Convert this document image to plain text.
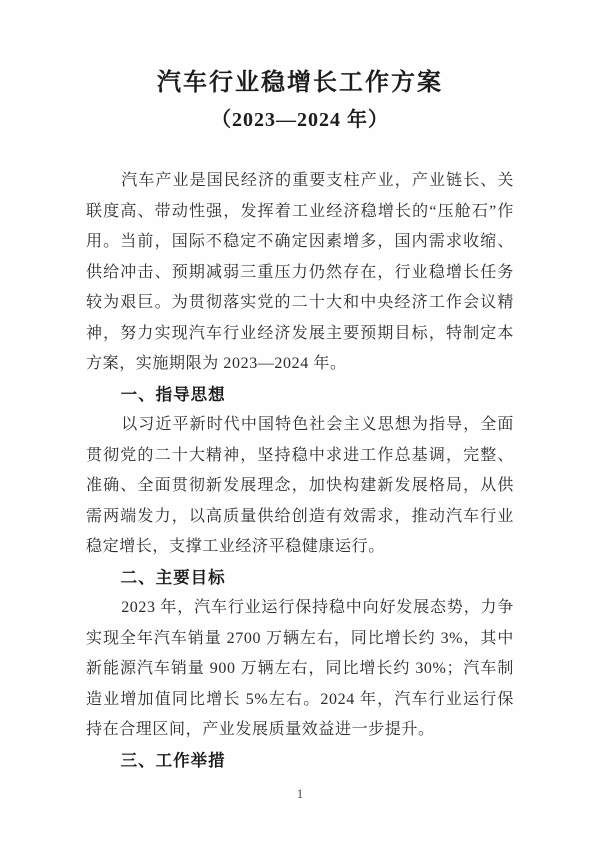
汽车行业稳增长工作方案
（2023—2024 年）

汽车产业是国民经济的重要支柱产业，产业链长、关联度高、带动性强，发挥着工业经济稳增长的“压舱石”作用。当前，国际不稳定不确定因素增多，国内需求收缩、供给冲击、预期减弱三重压力仍然存在，行业稳增长任务较为艰巨。为贯彻落实党的二十大和中央经济工作会议精神，努力实现汽车行业经济发展主要预期目标，特制定本方案，实施期限为 2023—2024 年。

一、指导思想

以习近平新时代中国特色社会主义思想为指导，全面贯彻党的二十大精神，坚持稳中求进工作总基调，完整、准确、全面贯彻新发展理念，加快构建新发展格局，从供需两端发力，以高质量供给创造有效需求，推动汽车行业稳定增长，支撑工业经济平稳健康运行。

二、主要目标

2023 年，汽车行业运行保持稳中向好发展态势，力争实现全年汽车销量 2700 万辆左右，同比增长约 3%，其中新能源汽车销量 900 万辆左右，同比增长约 30%；汽车制造业增加值同比增长 5%左右。2024 年，汽车行业运行保持在合理区间，产业发展质量效益进一步提升。

三、工作举措
1
